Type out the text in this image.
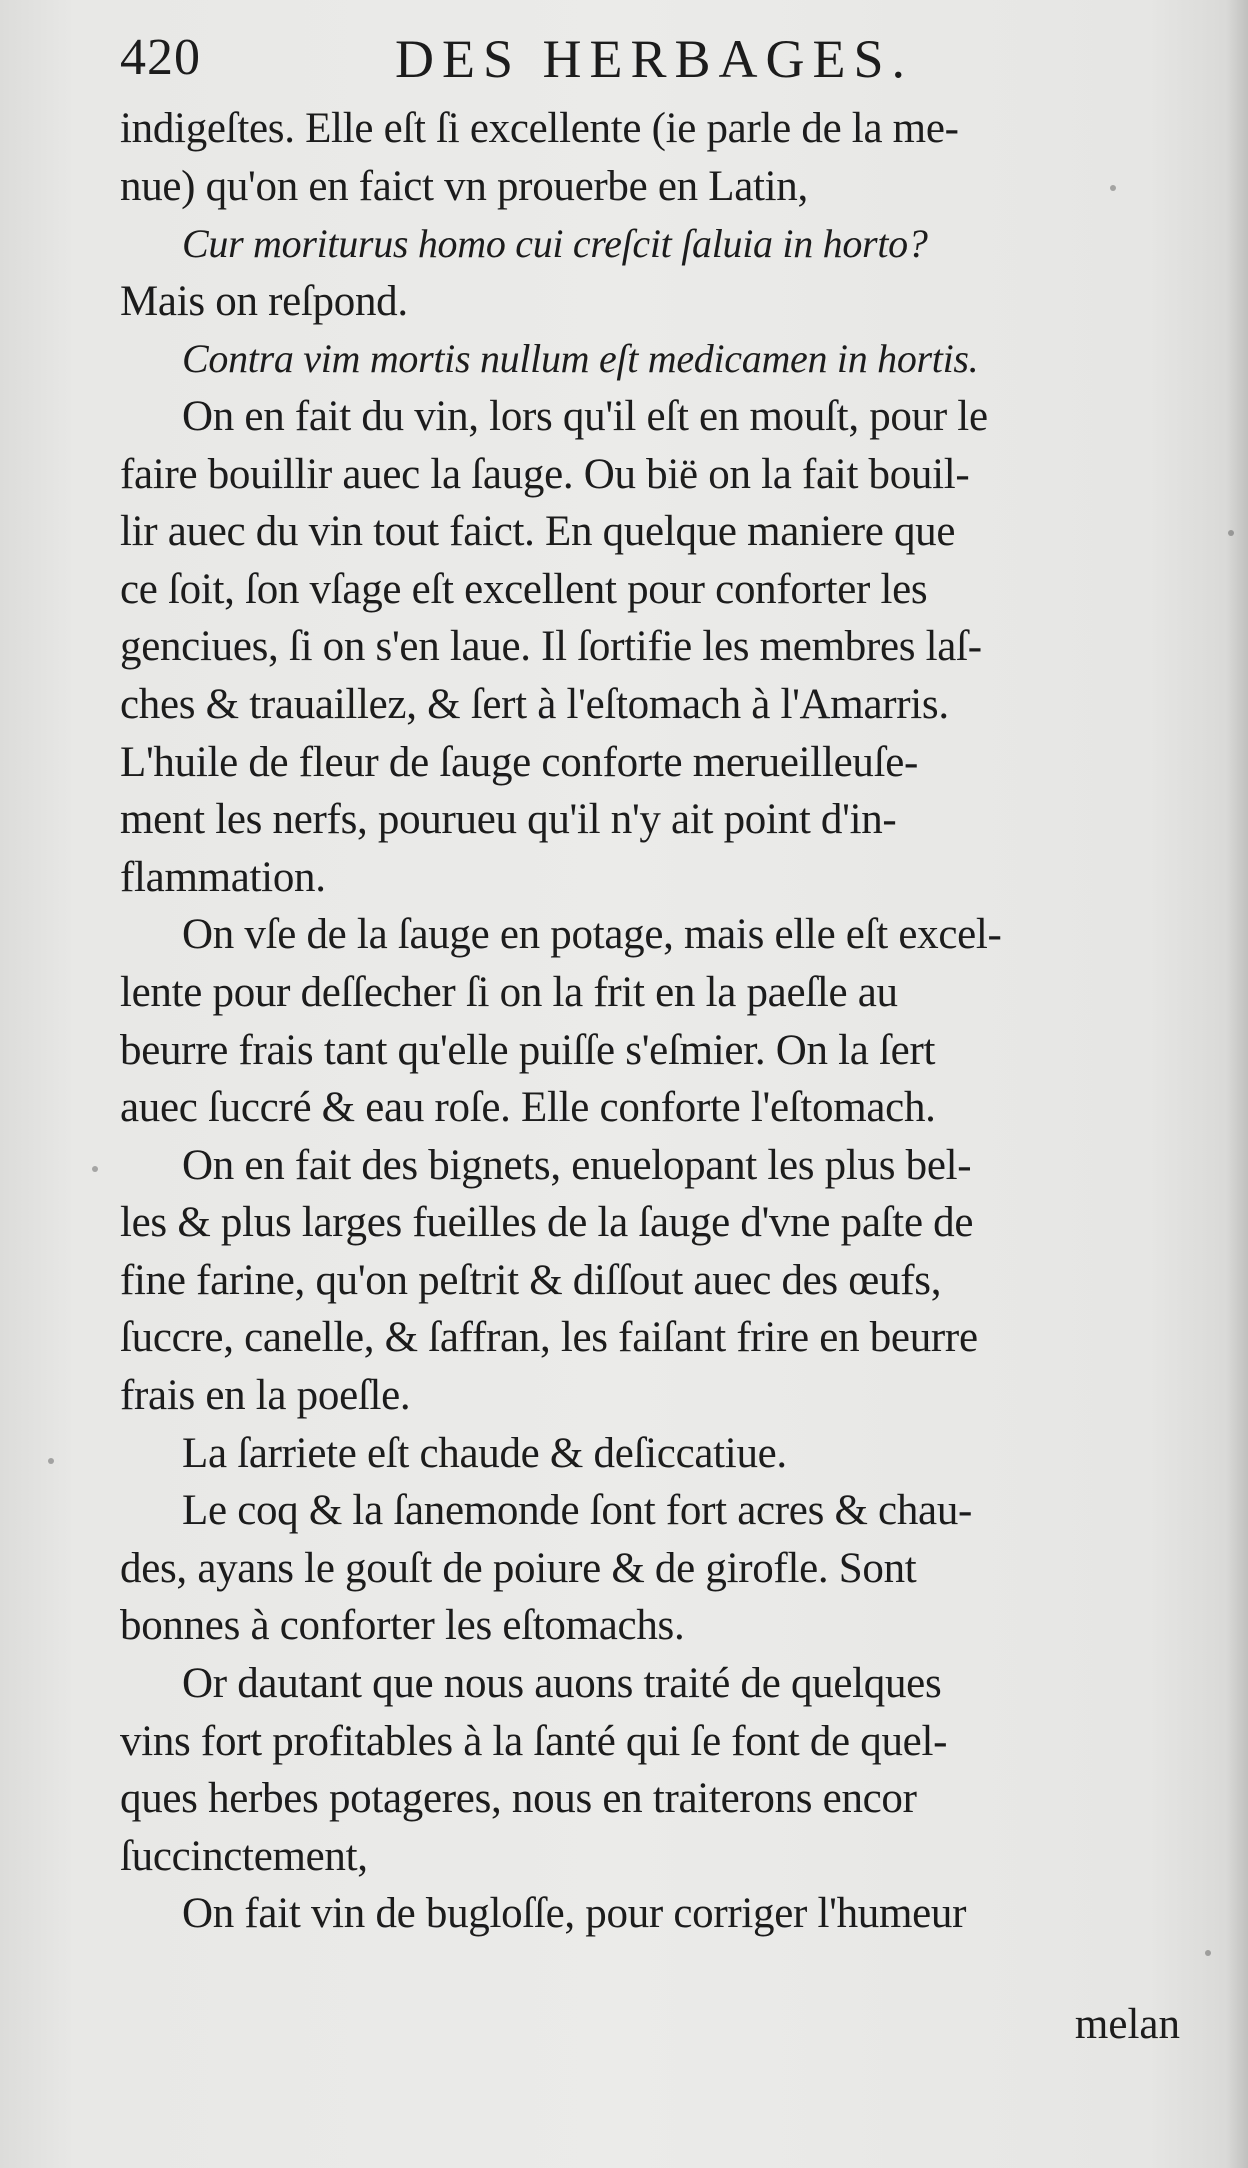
420	DES HERBAGES.
indigeſtes. Elle eſt ſi excellente (ie parle de la me-
nue) qu'on en faict vn prouerbe en Latin,
Cur moriturus homo cui creſcit ſaluia in horto?
Mais on reſpond.
Contra vim mortis nullum eſt medicamen in hortis.
On en fait du vin, lors qu'il eſt en mouſt, pour le
faire bouillir auec la ſauge. Ou bië on la fait bouil-
lir auec du vin tout faict. En quelque maniere que
ce ſoit, ſon vſage eſt excellent pour conforter les
genciues, ſi on s'en laue. Il ſortifie les membres laſ-
ches & trauaillez, & ſert à l'eſtomach à l'Amarris.
L'huile de fleur de ſauge conforte merueilleuſe-
ment les nerfs, pourueu qu'il n'y ait point d'in-
flammation.
On vſe de la ſauge en potage, mais elle eſt excel-
lente pour deſſecher ſi on la frit en la paeſle au
beurre frais tant qu'elle puiſſe s'eſmier. On la ſert
auec ſuccré & eau roſe. Elle conforte l'eſtomach.
On en fait des bignets, enuelopant les plus bel-
les & plus larges fueilles de la ſauge d'vne paſte de
fine farine, qu'on peſtrit & diſſout auec des œufs,
ſuccre, canelle, & ſaffran, les faiſant frire en beurre
frais en la poeſle.
La ſarriete eſt chaude & deſiccatiue.
Le coq & la ſanemonde ſont fort acres & chau-
des, ayans le gouſt de poiure & de girofle. Sont
bonnes à conforter les eſtomachs.
Or dautant que nous auons traité de quelques
vins fort profitables à la ſanté qui ſe font de quel-
ques herbes potageres, nous en traiterons encor
ſuccinctement,
On fait vin de bugloſſe, pour corriger l'humeur
melan
